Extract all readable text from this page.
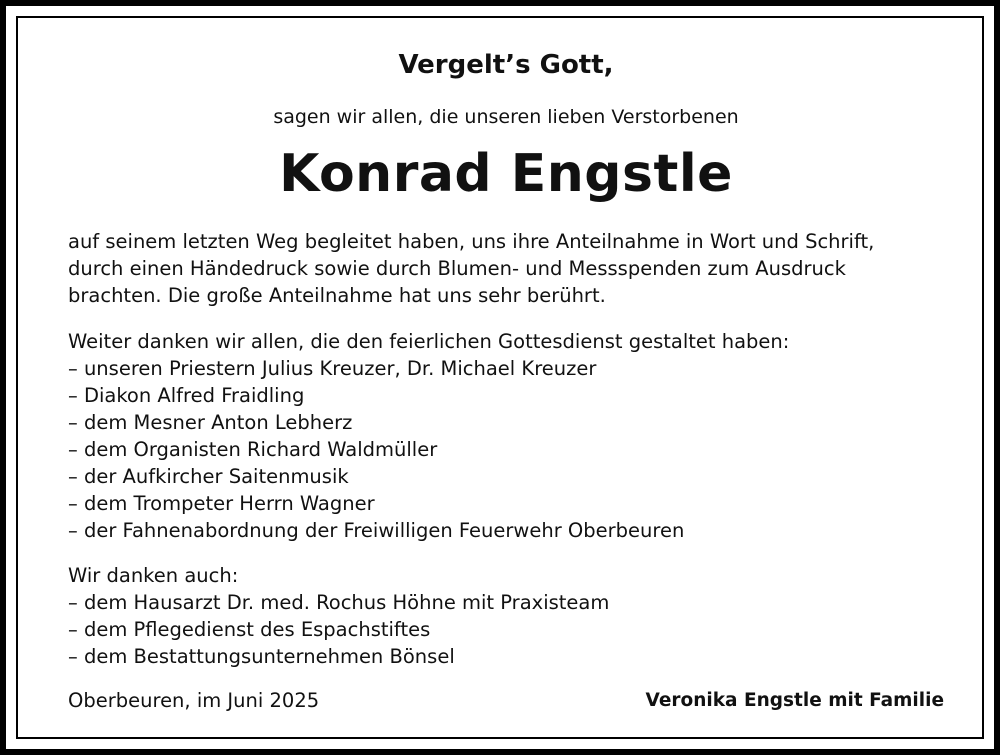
Vergelt’s Gott,
sagen wir allen, die unseren lieben Verstorbenen
Konrad Engstle
auf seinem letzten Weg begleitet haben, uns ihre Anteilnahme in Wort und Schrift,
durch einen Händedruck sowie durch Blumen- und Messspenden zum Ausdruck
brachten. Die große Anteilnahme hat uns sehr berührt.
Weiter danken wir allen, die den feierlichen Gottesdienst gestaltet haben:
– unseren Priestern Julius Kreuzer, Dr. Michael Kreuzer
– Diakon Alfred Fraidling
– dem Mesner Anton Lebherz
– dem Organisten Richard Waldmüller
– der Aufkircher Saitenmusik
– dem Trompeter Herrn Wagner
– der Fahnenabordnung der Freiwilligen Feuerwehr Oberbeuren
Wir danken auch:
– dem Hausarzt Dr. med. Rochus Höhne mit Praxisteam
– dem Pflegedienst des Espachstiftes
– dem Bestattungsunternehmen Bönsel
Oberbeuren, im Juni 2025	Veronika Engstle mit Familie
